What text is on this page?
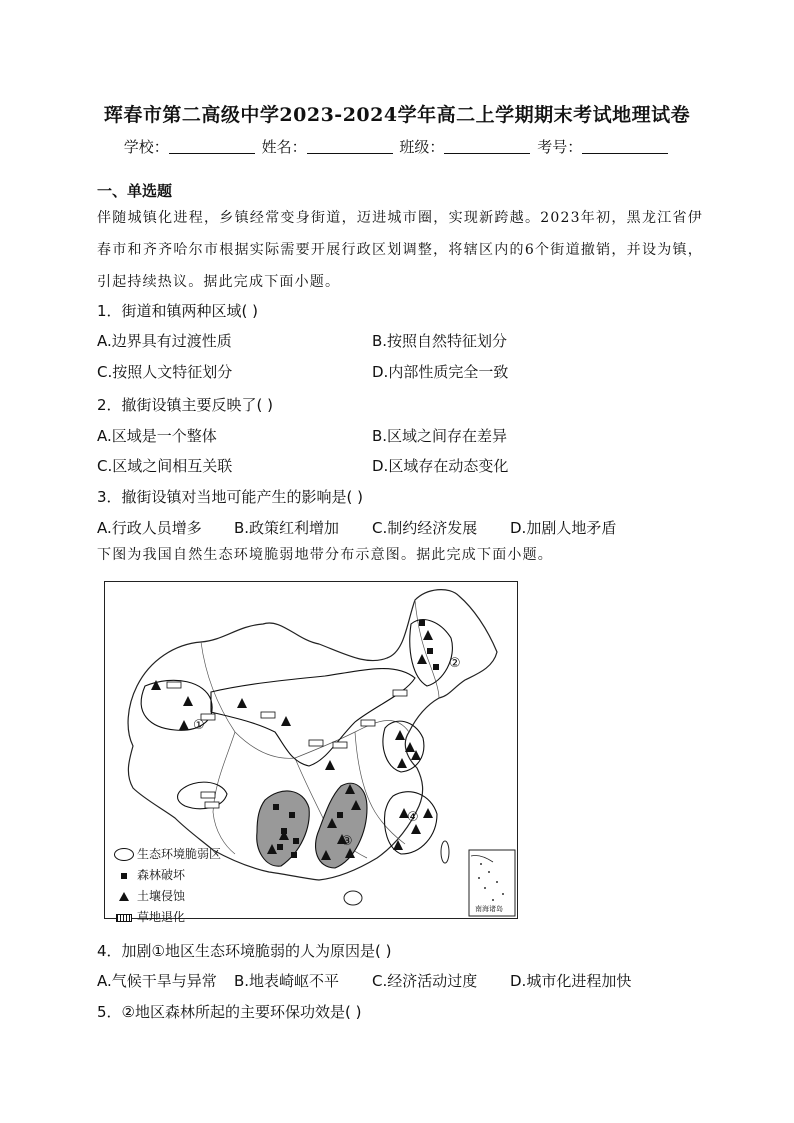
珲春市第二高级中学2023-2024学年高二上学期期末考试地理试卷
学校：	姓名：	班级：	考号：
一、单选题
伴随城镇化进程，乡镇经常变身街道，迈进城市圈，实现新跨越。2023年初，黑龙江省伊春市和齐齐哈尔市根据实际需要开展行政区划调整，将辖区内的6个街道撤销，并设为镇，引起持续热议。据此完成下面小题。
1．街道和镇两种区域( )
A.边界具有过渡性质	B.按照自然特征划分
C.按照人文特征划分	D.内部性质完全一致
2．撤街设镇主要反映了( )
A.区域是一个整体	B.区域之间存在差异
C.区域之间相互关联	D.区域存在动态变化
3．撤街设镇对当地可能产生的影响是( )
A.行政人员增多 B.政策红利增加 C.制约经济发展 D.加剧人地矛盾
下图为我国自然生态环境脆弱地带分布示意图。据此完成下面小题。
①
②
③
④
生态环境脆弱区
森林破坏
土壤侵蚀
草地退化
南海诸岛
4．加剧①地区生态环境脆弱的人为原因是( )
A.气候干旱与异常 B.地表崎岖不平 C.经济活动过度 D.城市化进程加快
5．②地区森林所起的主要环保功效是( )
